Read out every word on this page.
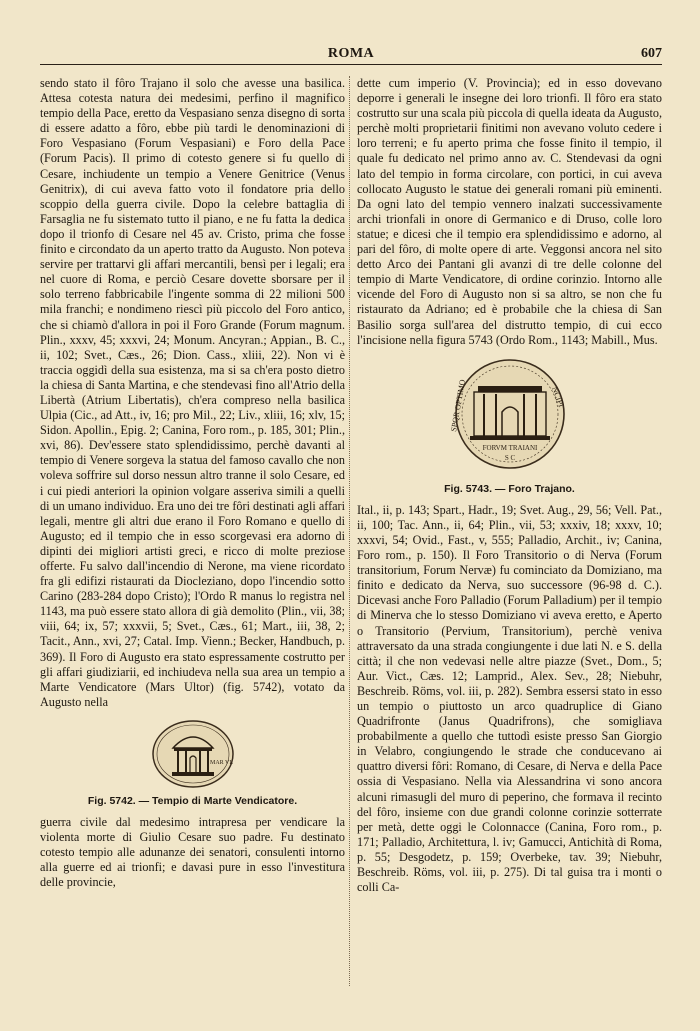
ROMA	607

sendo stato il fôro Trajano il solo che avesse una basilica. Attesa cotesta natura dei medesimi, perfino il magnifico tempio della Pace, eretto da Vespasiano senza disegno di sorta di essere adatto a fôro, ebbe più tardi le denominazioni di Foro Vespasiano (Forum Vespasiani) e Foro della Pace (Forum Pacis). Il primo di cotesto genere si fu quello di Cesare, inchiudente un tempio a Venere Genitrice (Venus Genitrix), di cui aveva fatto voto il fondatore pria dello scoppio della guerra civile. Dopo la celebre battaglia di Farsaglia ne fu sistemato tutto il piano, e ne fu fatta la dedica dopo il trionfo di Cesare nel 45 av. Cristo, prima che fosse finito e circondato da un aperto tratto da Augusto. Non poteva servire per trattarvi gli affari mercantili, bensì per i legali; era nel cuore di Roma, e perciò Cesare dovette sborsare per il solo terreno fabbricabile l'ingente somma di 22 milioni 500 mila franchi; e nondimeno riescì più piccolo del Foro antico, che si chiamò d'allora in poi il Foro Grande (Forum magnum. Plin., xxxv, 45; xxxvi, 24; Monum. Ancyran.; Appian., B. C., ii, 102; Svet., Cæs., 26; Dion. Cass., xliii, 22). Non vi è traccia oggidì della sua esistenza, ma si sa ch'era posto dietro la chiesa di Santa Martina, e che stendevasi fino all'Atrio della Libertà (Atrium Libertatis), ch'era compreso nella basilica Ulpia (Cic., ad Att., iv, 16; pro Mil., 22; Liv., xliii, 16; xlv, 15; Sidon. Apollin., Epig. 2; Canina, Foro rom., p. 185, 301; Plin., xvi, 86). Dev'essere stato splendidissimo, perchè davanti al tempio di Venere sorgeva la statua del famoso cavallo che non voleva soffrire sul dorso nessun altro tranne il solo Cesare, ed i cui piedi anteriori la opinion volgare asseriva simili a quelli di un umano individuo. Era uno dei tre fôri destinati agli affari legali, mentre gli altri due erano il Foro Romano e quello di Augusto; ed il tempio che in esso scorgevasi era adorno di dipinti dei migliori artisti greci, e ricco di molte preziose offerte. Fu salvo dall'incendio di Nerone, ma viene ricordato fra gli edifizi ristaurati da Diocleziano, dopo l'incendio sotto Carino (283-284 dopo Cristo); l'Ordo R manus lo registra nel 1143, ma può essere stato allora di già demolito (Plin., vii, 38; viii, 64; ix, 57; xxxvii, 5; Svet., Cæs., 61; Mart., iii, 38, 2; Tacit., Ann., xvi, 27; Catal. Imp. Vienn.; Becker, Handbuch, p. 369). Il Foro di Augusto era stato espressamente costrutto per gli affari giudiziarii, ed inchiudeva nella sua area un tempio a Marte Vendicatore (Mars Ultor) (fig. 5742), votato da Augusto nella

MAR VL
Fig. 5742. — Tempio di Marte Vendicatore.

guerra civile dal medesimo intrapresa per vendicare la violenta morte di Giulio Cesare suo padre. Fu destinato cotesto tempio alle adunanze dei senatori, consulenti intorno alla guerre ed ai trionfi; e davasi pure in esso l'investitura delle provincie,

dette cum imperio (V. Provincia); ed in esso dovevano deporre i generali le insegne dei loro trionfi. Il fôro era stato costrutto sur una scala più piccola di quella ideata da Augusto, perchè molti proprietarii finitimi non avevano voluto cedere i loro terreni; e fu aperto prima che fosse finito il tempio, il quale fu dedicato nel primo anno av. C. Stendevasi da ogni lato del tempio in forma circolare, con portici, in cui aveva collocato Augusto le statue dei generali romani più eminenti. Da ogni lato del tempio vennero inalzati successivamente archi trionfali in onore di Germanico e di Druso, colle loro statue; e dicesi che il tempio era splendidissimo e adorno, al pari del fôro, di molte opere di arte. Veggonsi ancora nel sito detto Arco dei Pantani gli avanzi di tre delle colonne del tempio di Marte Vendicatore, di ordine corinzio. Intorno alle vicende del Foro di Augusto non si sa altro, se non che fu ristaurato da Adriano; ed è probabile che la chiesa di San Basilio sorga sull'area del distrutto tempio, di cui ecco l'incisione nella figura 5743 (Ordo Rom., 1143; Mabill., Mus.

SPQR OPTIMO	NCIPI
FORVM TRAIANI
S C
Fig. 5743. — Foro Trajano.

Ital., ii, p. 143; Spart., Hadr., 19; Svet. Aug., 29, 56; Vell. Pat., ii, 100; Tac. Ann., ii, 64; Plin., vii, 53; xxxiv, 18; xxxv, 10; xxxvi, 54; Ovid., Fast., v, 555; Palladio, Archit., iv; Canina, Foro rom., p. 150). Il Foro Transitorio o di Nerva (Forum transitorium, Forum Nervæ) fu cominciato da Domiziano, ma finito e dedicato da Nerva, suo successore (96-98 d. C.). Dicevasi anche Foro Palladio (Forum Palladium) per il tempio di Minerva che lo stesso Domiziano vi aveva eretto, e Aperto o Transitorio (Pervium, Transitorium), perchè veniva attraversato da una strada congiungente i due lati N. e S. della città; il che non vedevasi nelle altre piazze (Svet., Dom., 5; Aur. Vict., Cæs. 12; Lamprid., Alex. Sev., 28; Niebuhr, Beschreib. Röms, vol. iii, p. 282). Sembra essersi stato in esso un tempio o piuttosto un arco quadruplice di Giano Quadrifronte (Janus Quadrifrons), che somigliava probabilmente a quello che tuttodì esiste presso San Giorgio in Velabro, congiungendo le strade che conducevano ai quattro diversi fôri: Romano, di Cesare, di Nerva e della Pace ossia di Vespasiano. Nella via Alessandrina vi sono ancora alcuni rimasugli del muro di peperino, che formava il recinto del fôro, insieme con due grandi colonne corinzie sotterrate per metà, dette oggi le Colonnacce (Canina, Foro rom., p. 171; Palladio, Architettura, l. iv; Gamucci, Antichità di Roma, p. 55; Desgodetz, p. 159; Overbeke, tav. 39; Niebuhr, Beschreib. Röms, vol. iii, p. 275). Di tal guisa tra i monti o colli Ca-
